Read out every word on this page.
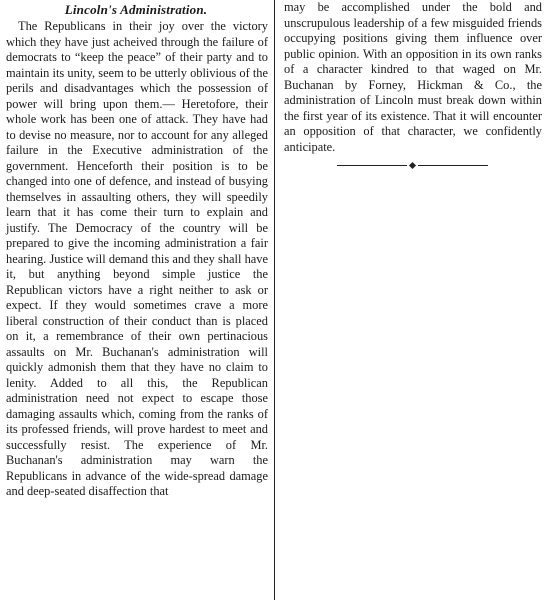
Lincoln's Administration.

The Republicans in their joy over the victory which they have just acheived through the failure of democrats to “keep the peace” of their party and to maintain its unity, seem to be utterly oblivious of the perils and disadvantages which the possession of power will bring upon them.— Heretofore, their whole work has been one of attack. They have had to devise no measure, nor to account for any alleged failure in the Executive administration of the government. Henceforth their position is to be changed into one of defence, and instead of busying themselves in assaulting others, they will speedily learn that it has come their turn to explain and justify. The Democracy of the country will be prepared to give the incoming administration a fair hearing. Justice will demand this and they shall have it, but anything beyond simple justice the Republican victors have a right neither to ask or expect. If they would sometimes crave a more liberal construction of their conduct than is placed on it, a remembrance of their own pertinacious assaults on Mr. Buchanan's administration will quickly admonish them that they have no claim to lenity. Added to all this, the Republican administration need not expect to escape those damaging assaults which, coming from the ranks of its professed friends, will prove hardest to meet and successfully resist. The experience of Mr. Buchanan's administration may warn the Republicans in advance of the wide-spread damage and deep-seated disaffection that

may be accomplished under the bold and unscrupulous leadership of a few misguided friends occupying positions giving them influence over public opinion. With an opposition in its own ranks of a character kindred to that waged on Mr. Buchanan by Forney, Hickman & Co., the administration of Lincoln must break down within the first year of its existence. That it will encounter an opposition of that character, we confidently anticipate.
